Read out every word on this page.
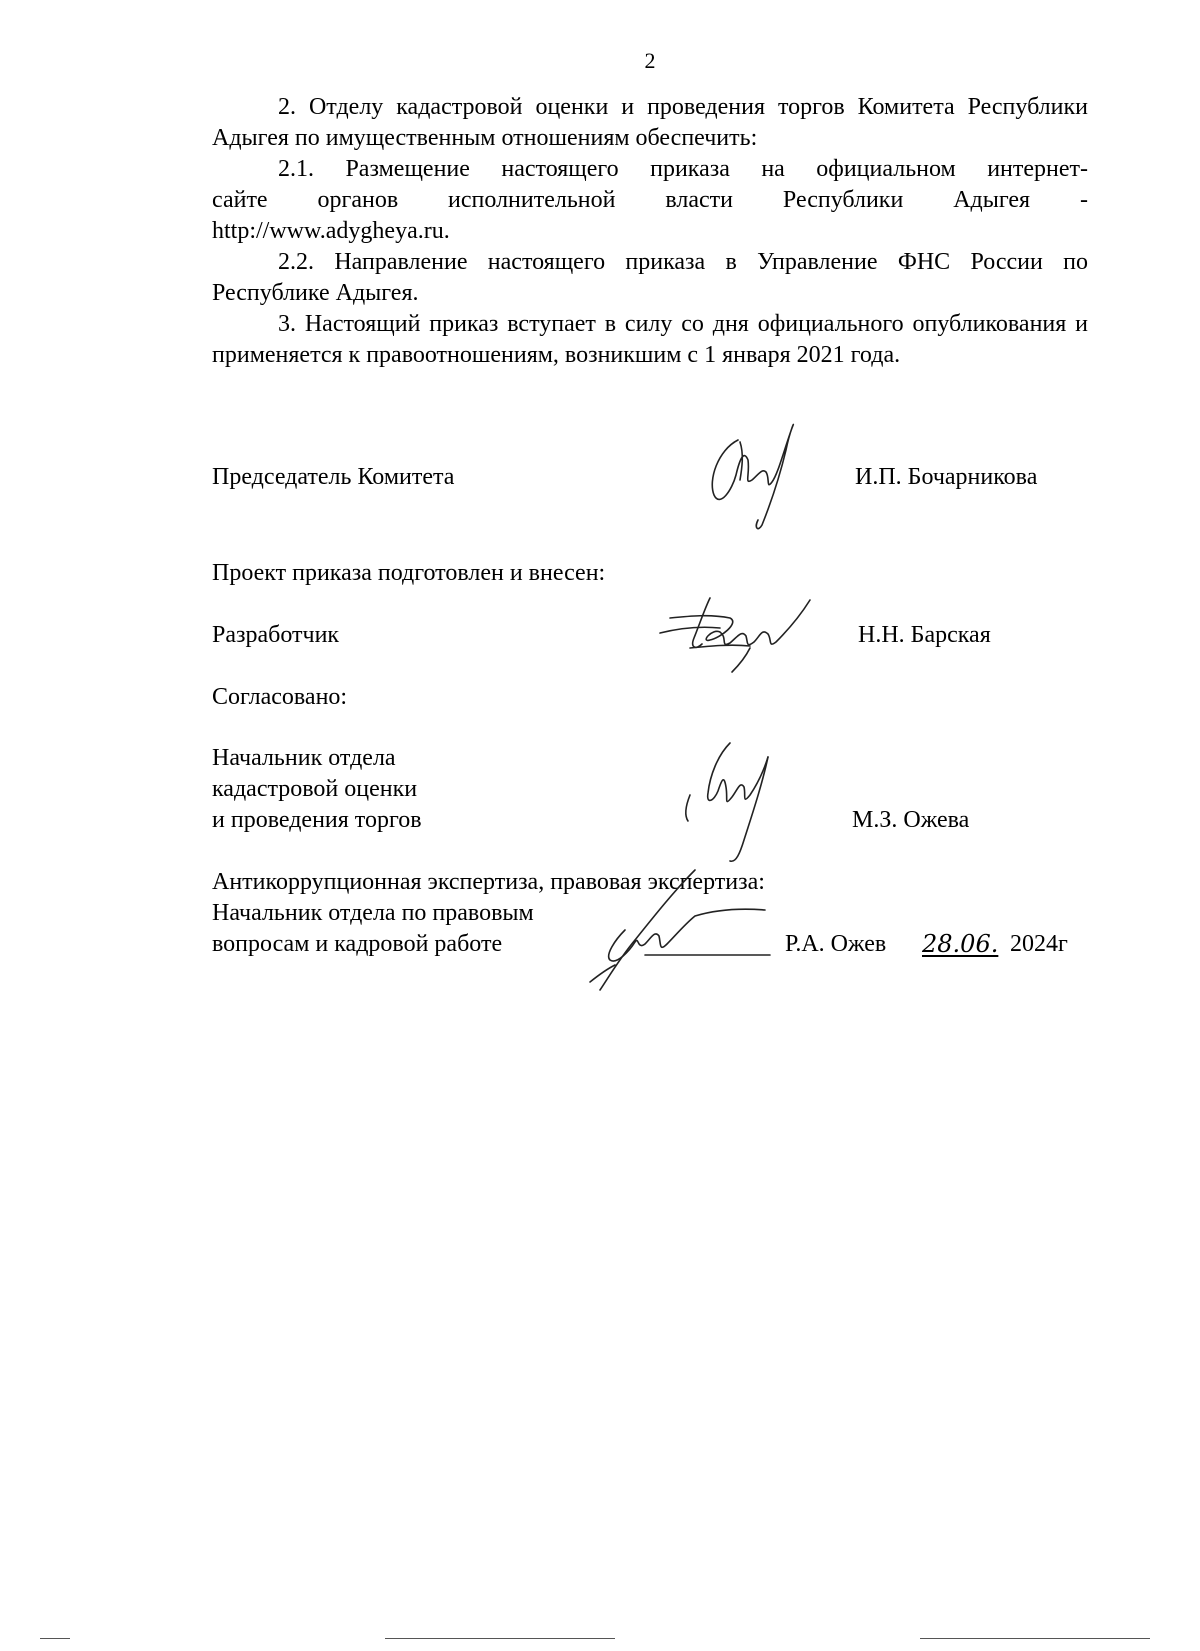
2

2. Отделу кадастровой оценки и проведения торгов Комитета Республики Адыгея по имущественным отношениям обеспечить:

2.1. Размещение настоящего приказа на официальном интернет-

сайте органов исполнительной власти Республики Адыгея -

http://www.adygheya.ru.

2.2. Направление настоящего приказа в Управление ФНС России по Республике Адыгея.

3. Настоящий приказ вступает в силу со дня официального опубликования и применяется к правоотношениям, возникшим с 1 января 2021 года.

Председатель Комитета	И.П. Бочарникова
Проект приказа подготовлен и внесен:
Разработчик	Н.Н. Барская
Согласовано:
Начальник отдела
кадастровой оценки
и проведения торгов	М.З. Ожева
Антикоррупционная экспертиза, правовая экспертиза:
Начальник отдела по правовым
вопросам и кадровой работе	Р.А. Ожев 28.06. 2024г
